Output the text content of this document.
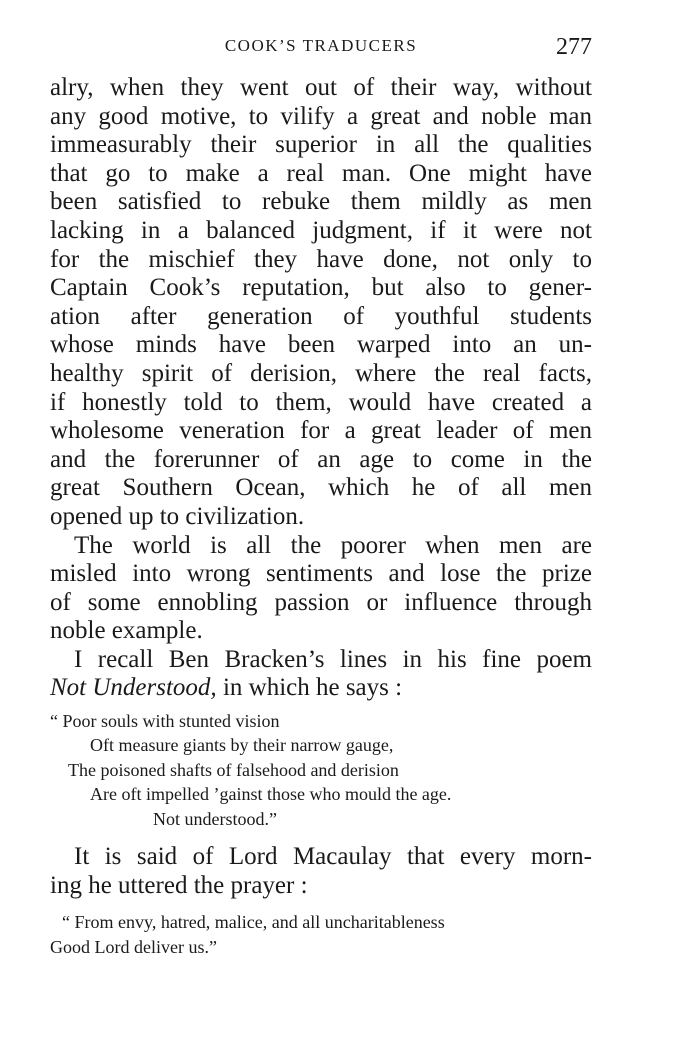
COOK’S TRADUCERS	277
alry, when they went out of their way, without
any good motive, to vilify a great and noble man
immeasurably their superior in all the qualities
that go to make a real man. One might have
been satisfied to rebuke them mildly as men
lacking in a balanced judgment, if it were not
for the mischief they have done, not only to
Captain Cook’s reputation, but also to gener-
ation after generation of youthful students
whose minds have been warped into an un-
healthy spirit of derision, where the real facts,
if honestly told to them, would have created a
wholesome veneration for a great leader of men
and the forerunner of an age to come in the
great Southern Ocean, which he of all men
opened up to civilization.
The world is all the poorer when men are
misled into wrong sentiments and lose the prize
of some ennobling passion or influence through
noble example.
I recall Ben Bracken’s lines in his fine poem
Not Understood, in which he says :
“ Poor souls with stunted vision
Oft measure giants by their narrow gauge,
The poisoned shafts of falsehood and derision
Are oft impelled ’gainst those who mould the age.
Not understood.”
It is said of Lord Macaulay that every morn-
ing he uttered the prayer :
“ From envy, hatred, malice, and all uncharitableness
Good Lord deliver us.”
